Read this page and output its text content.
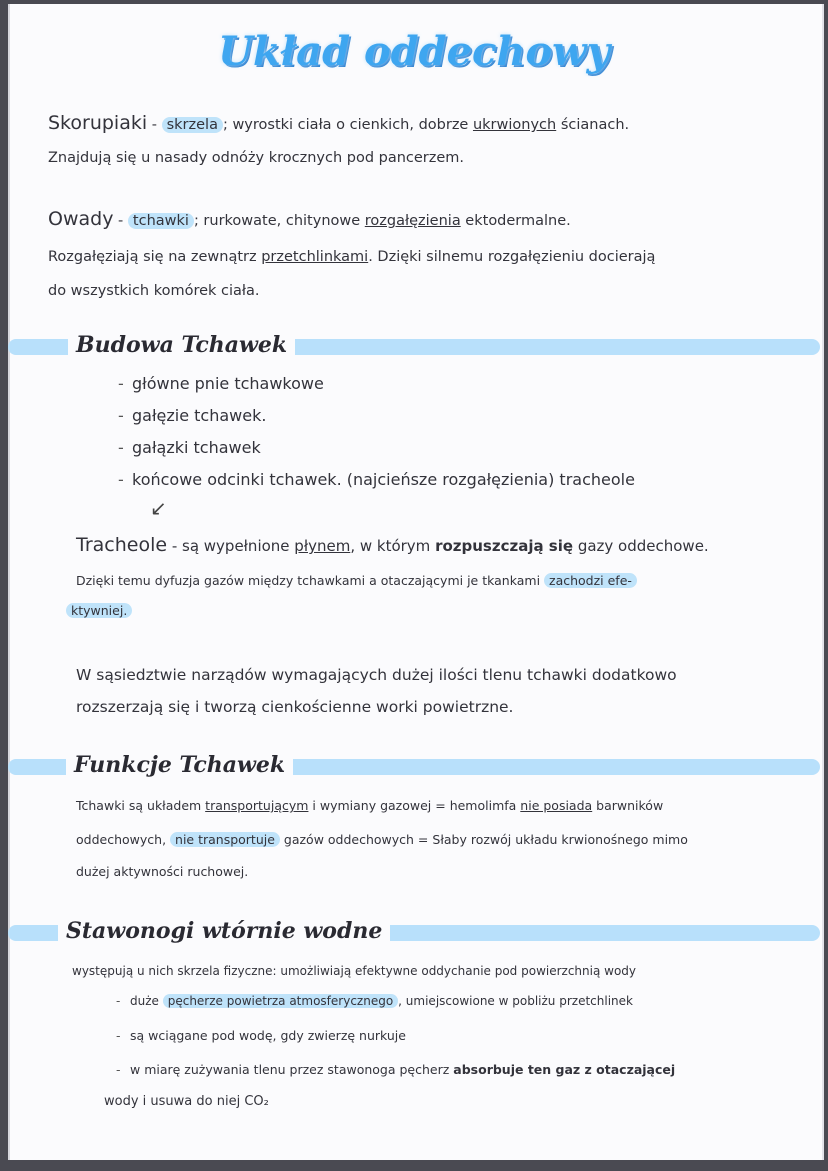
Układ oddechowy
Skorupiaki - skrzela ; wyrostki ciała o cienkich, dobrze ukrwionych ścianach.
Znajdują się u nasady odnóży krocznych pod pancerzem.
Owady - tchawki ; rurkowate, chitynowe rozgałęzienia ektodermalne.
Rozgałęziają się na zewnątrz przetchlinkami. Dzięki silnemu rozgałęzieniu docierają
do wszystkich komórek ciała.
Budowa Tchawek
- główne pnie tchawkowe
- gałęzie tchawek.
- gałązki tchawek
- końcowe odcinki tchawek. (najcieńsze rozgałęzienia) tracheole
↙
Tracheole - są wypełnione płynem, w którym rozpuszczają się gazy oddechowe.
Dzięki temu dyfuzja gazów między tchawkami a otaczającymi je tkankami zachodzi efe-
ktywniej.
W sąsiedztwie narządów wymagających dużej ilości tlenu tchawki dodatkowo
rozszerzają się i tworzą cienkościenne worki powietrzne.
Funkcje Tchawek
Tchawki są układem transportującym i wymiany gazowej = hemolimfa nie posiada barwników
oddechowych, nie transportuje gazów oddechowych = Słaby rozwój układu krwionośnego mimo
dużej aktywności ruchowej.
Stawonogi wtórnie wodne
występują u nich skrzela fizyczne: umożliwiają efektywne oddychanie pod powierzchnią wody
- duże pęcherze powietrza atmosferycznego , umiejscowione w pobliżu przetchlinek
- są wciągane pod wodę, gdy zwierzę nurkuje
- w miarę zużywania tlenu przez stawonoga pęcherz absorbuje ten gaz z otaczającej
wody i usuwa do niej CO₂
